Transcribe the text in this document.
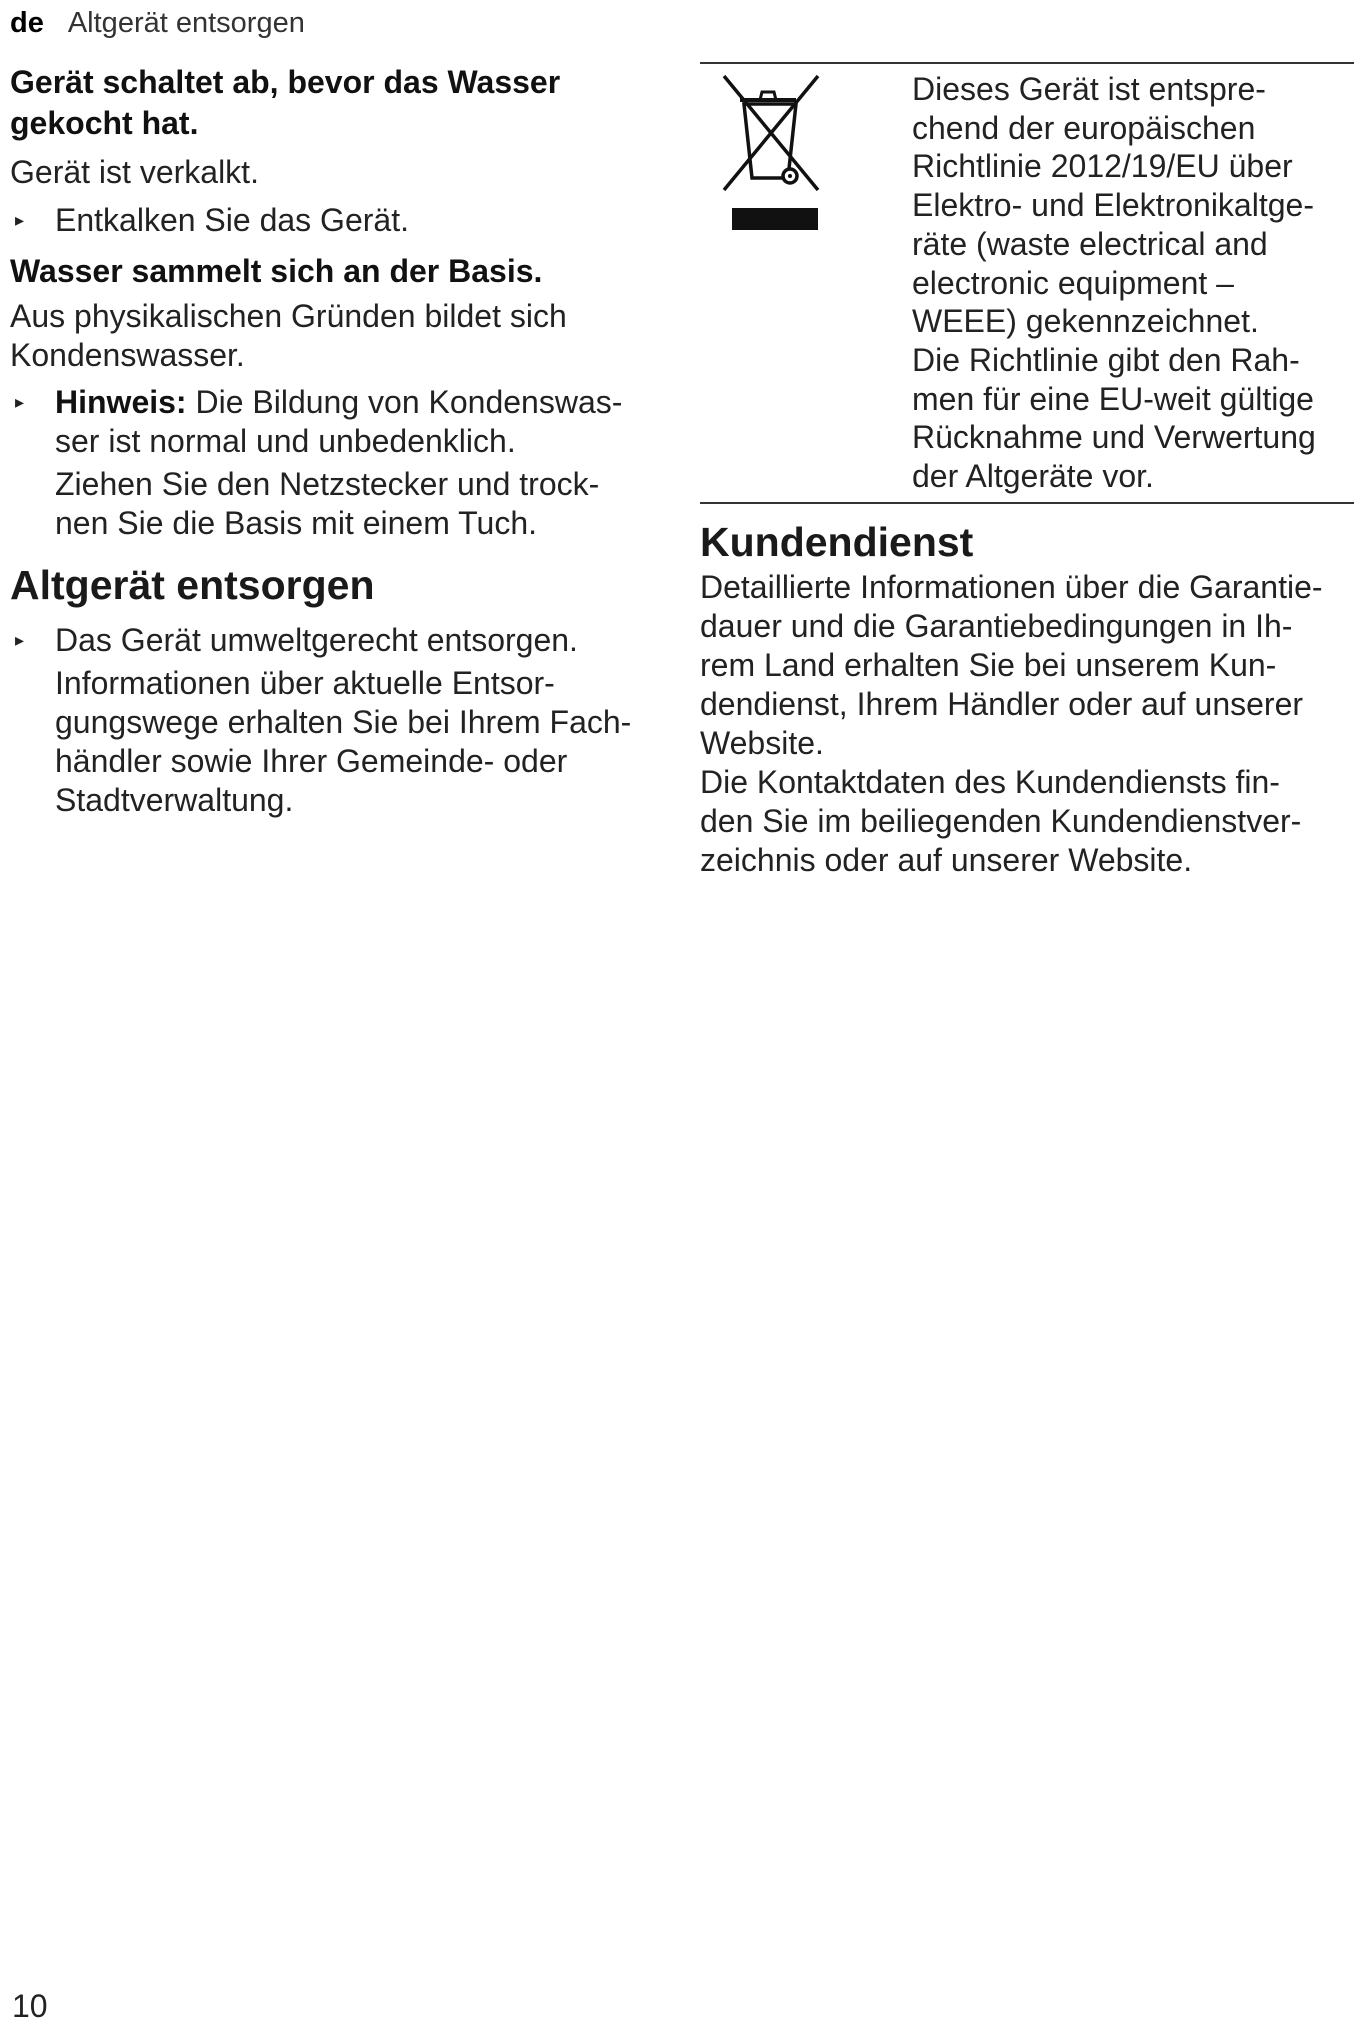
de Altgerät entsorgen
Gerät schaltet ab, bevor das Wasser
gekocht hat.

Gerät ist verkalkt.

▸ Entkalken Sie das Gerät.
Wasser sammelt sich an der Basis.

Aus physikalischen Gründen bildet sich

Kondenswasser.

▸ Hinweis: Die Bildung von Kondenswas-
ser ist normal und unbedenklich.

Ziehen Sie den Netzstecker und trock-

nen Sie die Basis mit einem Tuch.

Altgerät entsorgen
▸ Das Gerät umweltgerecht entsorgen.

Informationen über aktuelle Entsor-

gungswege erhalten Sie bei Ihrem Fach-

händler sowie Ihrer Gemeinde- oder

Stadtverwaltung.

Dieses Gerät ist entspre-

chend der europäischen

Richtlinie 2012/19/EU über

Elektro- und Elektronikaltge-

räte (waste electrical and

electronic equipment –

WEEE) gekennzeichnet.

Die Richtlinie gibt den Rah-

men für eine EU-weit gültige

Rücknahme und Verwertung

der Altgeräte vor.

Kundendienst

Detaillierte Informationen über die Garantie-

dauer und die Garantiebedingungen in Ih-

rem Land erhalten Sie bei unserem Kun-

dendienst, Ihrem Händler oder auf unserer

Website.

Die Kontaktdaten des Kundendiensts fin-

den Sie im beiliegenden Kundendienstver-

zeichnis oder auf unserer Website.

10
